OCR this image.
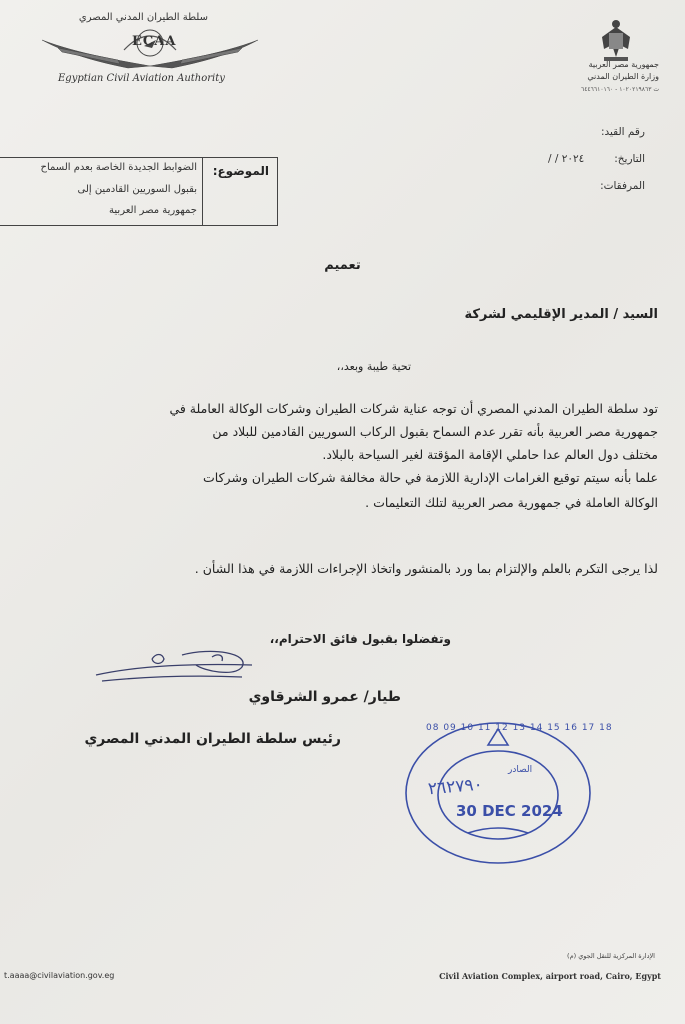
سلطة الطيران المدني المصري
ECAA
Egyptian Civil Aviation Authority
جمهورية مصر العربية
وزارة الطيران المدني
ت ١٠٢٠٢١٩٨٦٣ - ٦٤٤٦٦١٠١٦٠
رقم القيد:
التاريخ:
/ / ٢٠٢٤
المرفقات:
الموضوع:
الضوابط الجديدة الخاصة بعدم السماح
بقبول السوريين القادمين إلى
جمهورية مصر العربية
تعميم
السيد / المدير الإقليمي لشركة
تحية طيبة وبعد،،
تود سلطة الطيران المدني المصري أن توجه عناية شركات الطيران وشركات الوكالة العاملة في
جمهورية مصر العربية بأنه تقرر عدم السماح بقبول الركاب السوريين القادمين للبلاد من
مختلف دول العالم عدا حاملي الإقامة المؤقتة لغير السياحة بالبلاد.
علما بأنه سيتم توقيع الغرامات الإدارية اللازمة في حالة مخالفة شركات الطيران وشركات
الوكالة العاملة في جمهورية مصر العربية لتلك التعليمات .
لذا يرجى التكرم بالعلم والإلتزام بما ورد بالمنشور واتخاذ الإجراءات اللازمة في هذا الشأن .
وتفضلوا بقبول فائق الاحترام،،
طيار/ عمرو الشرقاوي
رئيس سلطة الطيران المدني المصري
08 09 10 11 12 13 14 15 16 17 18
الصادر
٢٦٢٧٩٠
30 DEC 2024
الإدارة المركزية للنقل الجوي (م)
Civil Aviation Complex, airport road, Cairo, Egypt
t.aaaa@civilaviation.gov.eg
